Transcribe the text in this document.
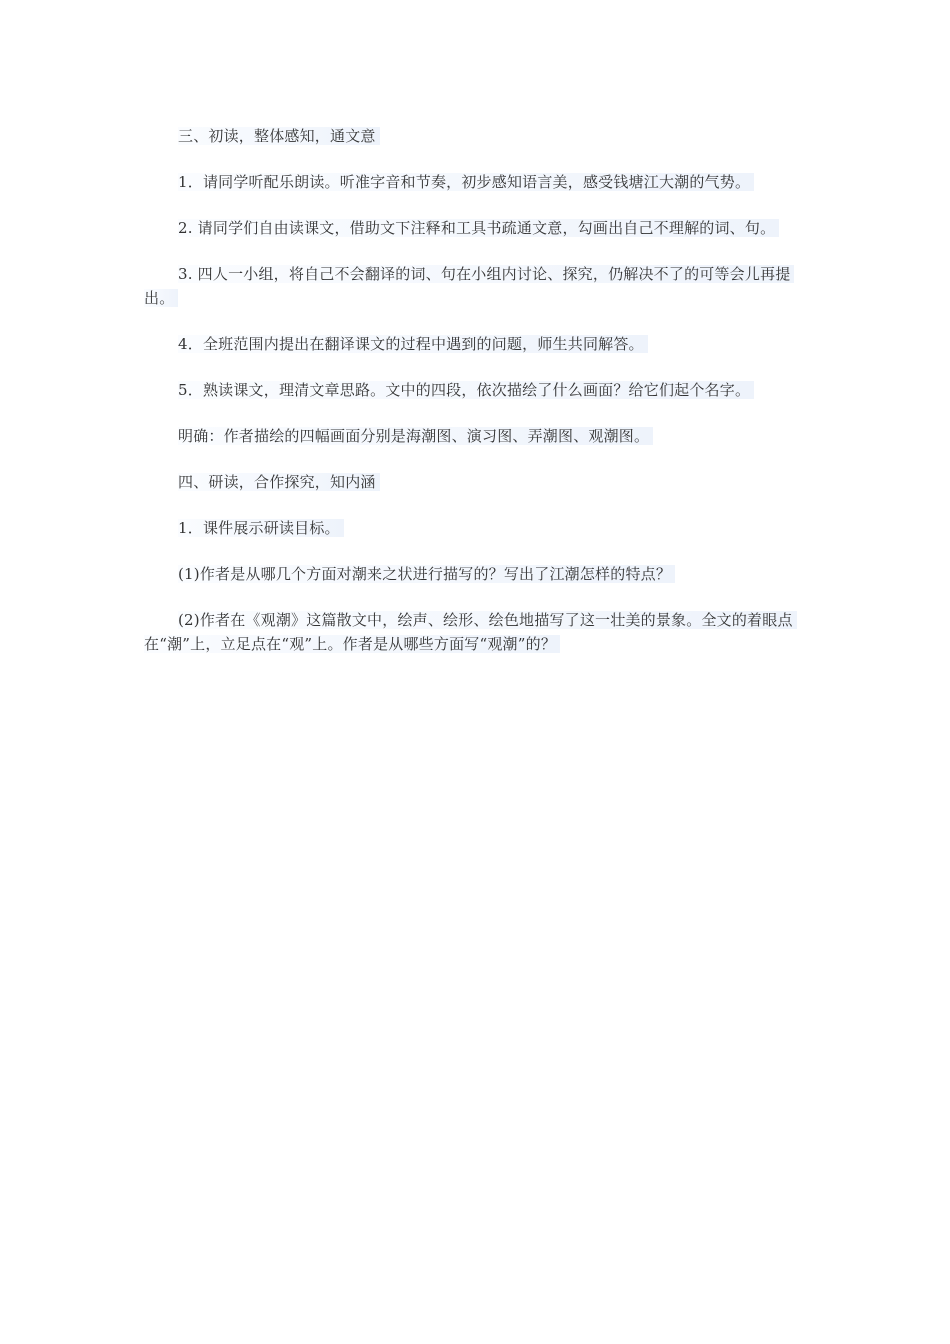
三、初读，整体感知，通文意

1．请同学听配乐朗读。听准字音和节奏，初步感知语言美，感受钱塘江大潮的气势。

2. 请同学们自由读课文，借助文下注释和工具书疏通文意，勾画出自己不理解的词、句。

3. 四人一小组，将自己不会翻译的词、句在小组内讨论、探究，仍解决不了的可等会儿再提出。

4．全班范围内提出在翻译课文的过程中遇到的问题，师生共同解答。

5．熟读课文，理清文章思路。文中的四段，依次描绘了什么画面？给它们起个名字。

明确：作者描绘的四幅画面分别是海潮图、演习图、弄潮图、观潮图。

四、研读，合作探究，知内涵

1．课件展示研读目标。

(1)作者是从哪几个方面对潮来之状进行描写的？写出了江潮怎样的特点？

(2)作者在《观潮》这篇散文中，绘声、绘形、绘色地描写了这一壮美的景象。全文的着眼点在“潮”上，立足点在“观”上。作者是从哪些方面写“观潮”的？
